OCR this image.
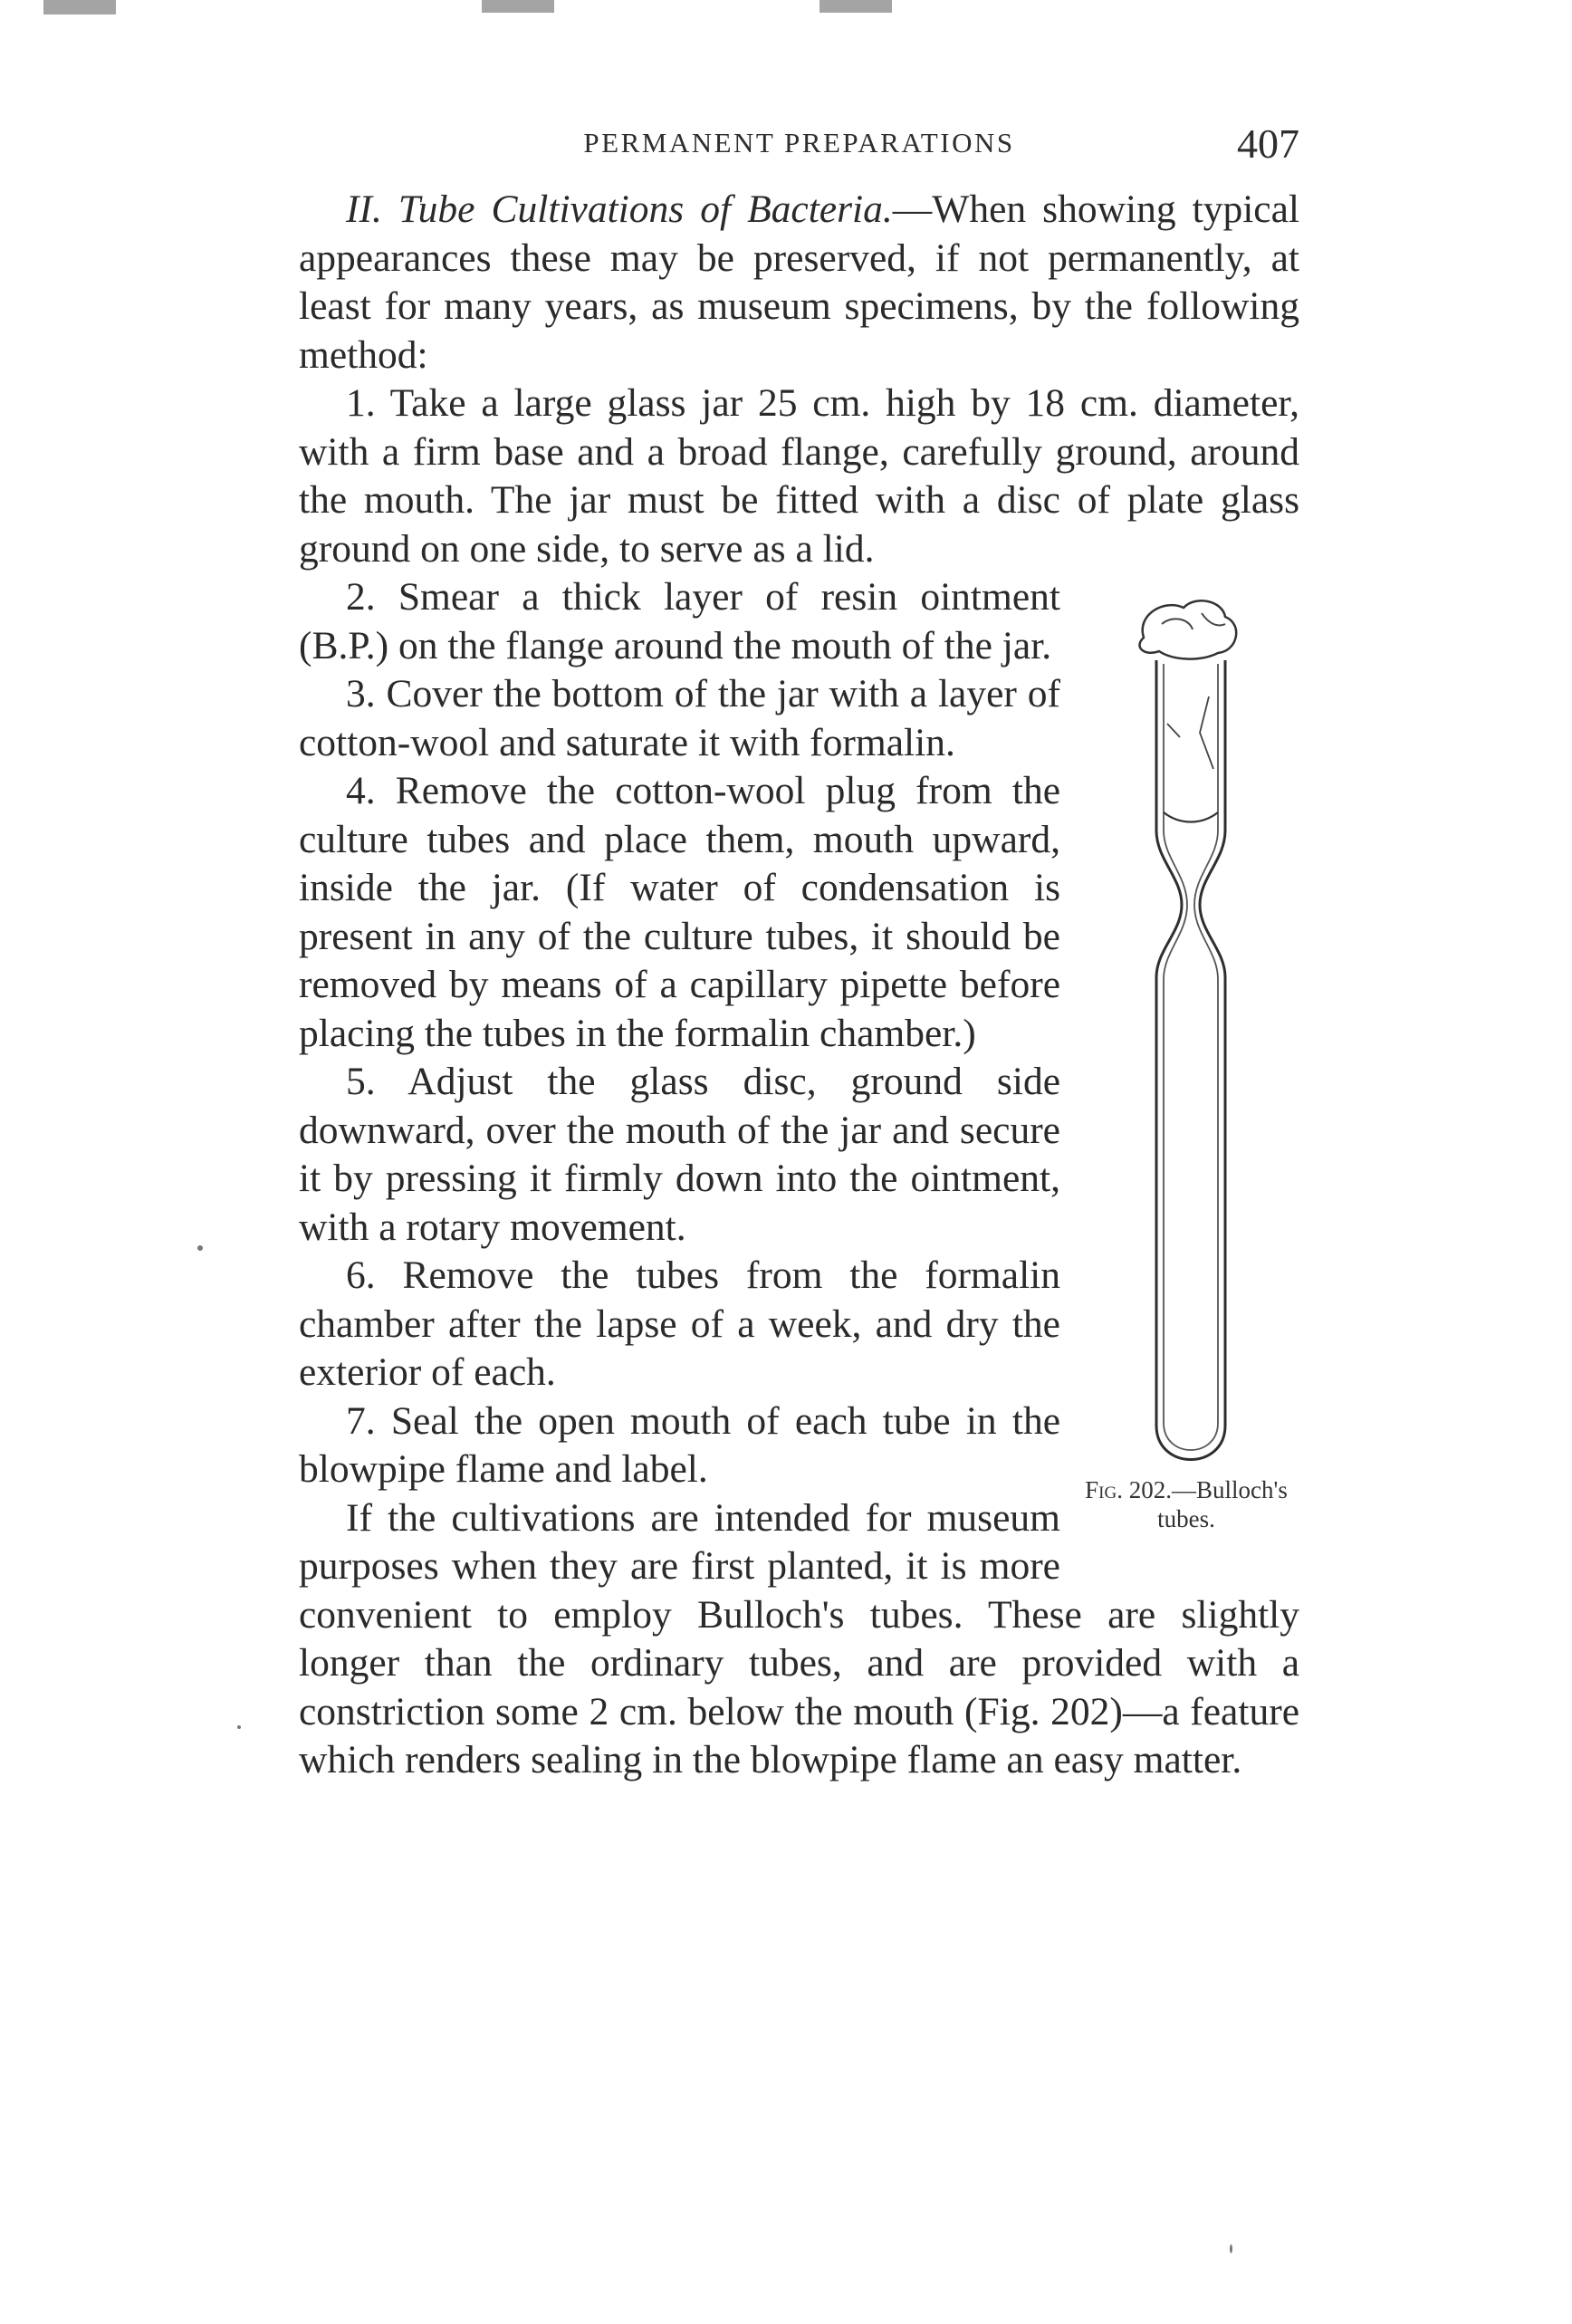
PERMANENT PREPARATIONS	407

II. Tube Cultivations of Bacteria.—When showing typical appearances these may be preserved, if not permanently, at least for many years, as museum specimens, by the following method:

1. Take a large glass jar 25 cm. high by 18 cm. diameter, with a firm base and a broad flange, carefully ground, around the mouth. The jar must be fitted with a disc of plate glass ground on one side, to serve as a lid.

Fig. 202.—Bulloch's tubes.

2. Smear a thick layer of resin ointment (B.P.) on the flange around the mouth of the jar.

3. Cover the bottom of the jar with a layer of cotton-wool and saturate it with formalin.

4. Remove the cotton-wool plug from the culture tubes and place them, mouth upward, inside the jar. (If water of condensation is present in any of the culture tubes, it should be removed by means of a capillary pipette before placing the tubes in the formalin chamber.)

5. Adjust the glass disc, ground side downward, over the mouth of the jar and secure it by pressing it firmly down into the ointment, with a rotary movement.

6. Remove the tubes from the formalin chamber after the lapse of a week, and dry the exterior of each.

7. Seal the open mouth of each tube in the blowpipe flame and label.

If the cultivations are intended for museum purposes when they are first planted, it is more convenient to employ Bulloch's tubes. These are slightly longer than the ordinary tubes, and are provided with a constriction some 2 cm. below the mouth (Fig. 202)—a feature which renders sealing in the blowpipe flame an easy matter.
